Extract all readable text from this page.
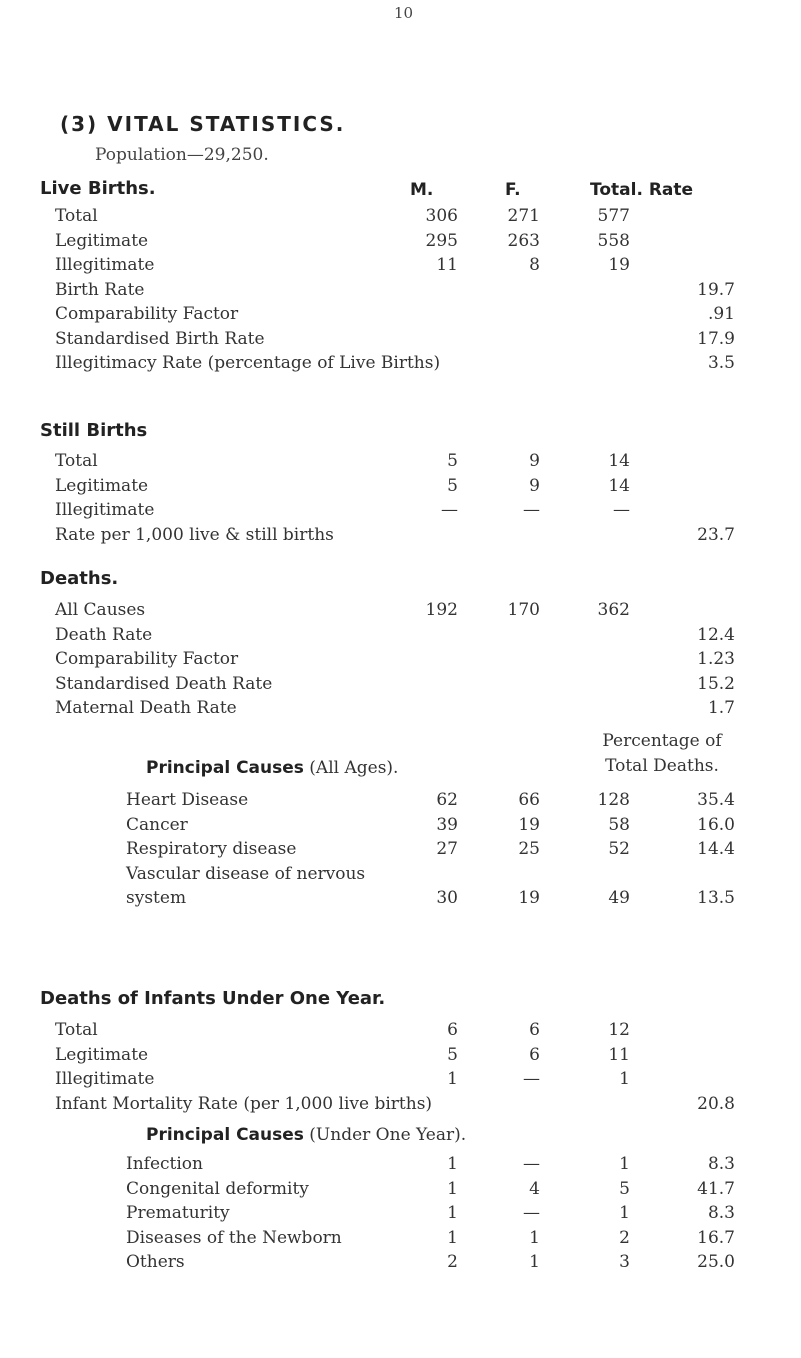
10
(3) VITAL STATISTICS.
Population—29,250.
Live Births.	M.	F.	Total. Rate
Total	306	271	577
Legitimate	295	263	558
Illegitimate	11	8	19
Birth Rate	19.7
Comparability Factor	.91
Standardised Birth Rate	17.9
Illegitimacy Rate (percentage of Live Births)	3.5
Still Births
Total	5	9	14
Legitimate	5	9	14
Illegitimate	—	—	—
Rate per 1,000 live & still births	23.7
Deaths.
All Causes	192	170	362
Death Rate	12.4
Comparability Factor	1.23
Standardised Death Rate	15.2
Maternal Death Rate	1.7
Principal Causes (All Ages).
Percentage of
Total Deaths.
Heart Disease	62	66	128	35.4
Cancer	39	19	58	16.0
Respiratory disease	27	25	52	14.4
Vascular disease of nervous
system	30	19	49	13.5
Deaths of Infants Under One Year.
Total	6	6	12
Legitimate	5	6	11
Illegitimate	1	—	1
Infant Mortality Rate (per 1,000 live births)	20.8
Principal Causes (Under One Year).
Infection	1	—	1	8.3
Congenital deformity	1	4	5	41.7
Prematurity	1	—	1	8.3
Diseases of the Newborn	1	1	2	16.7
Others	2	1	3	25.0
